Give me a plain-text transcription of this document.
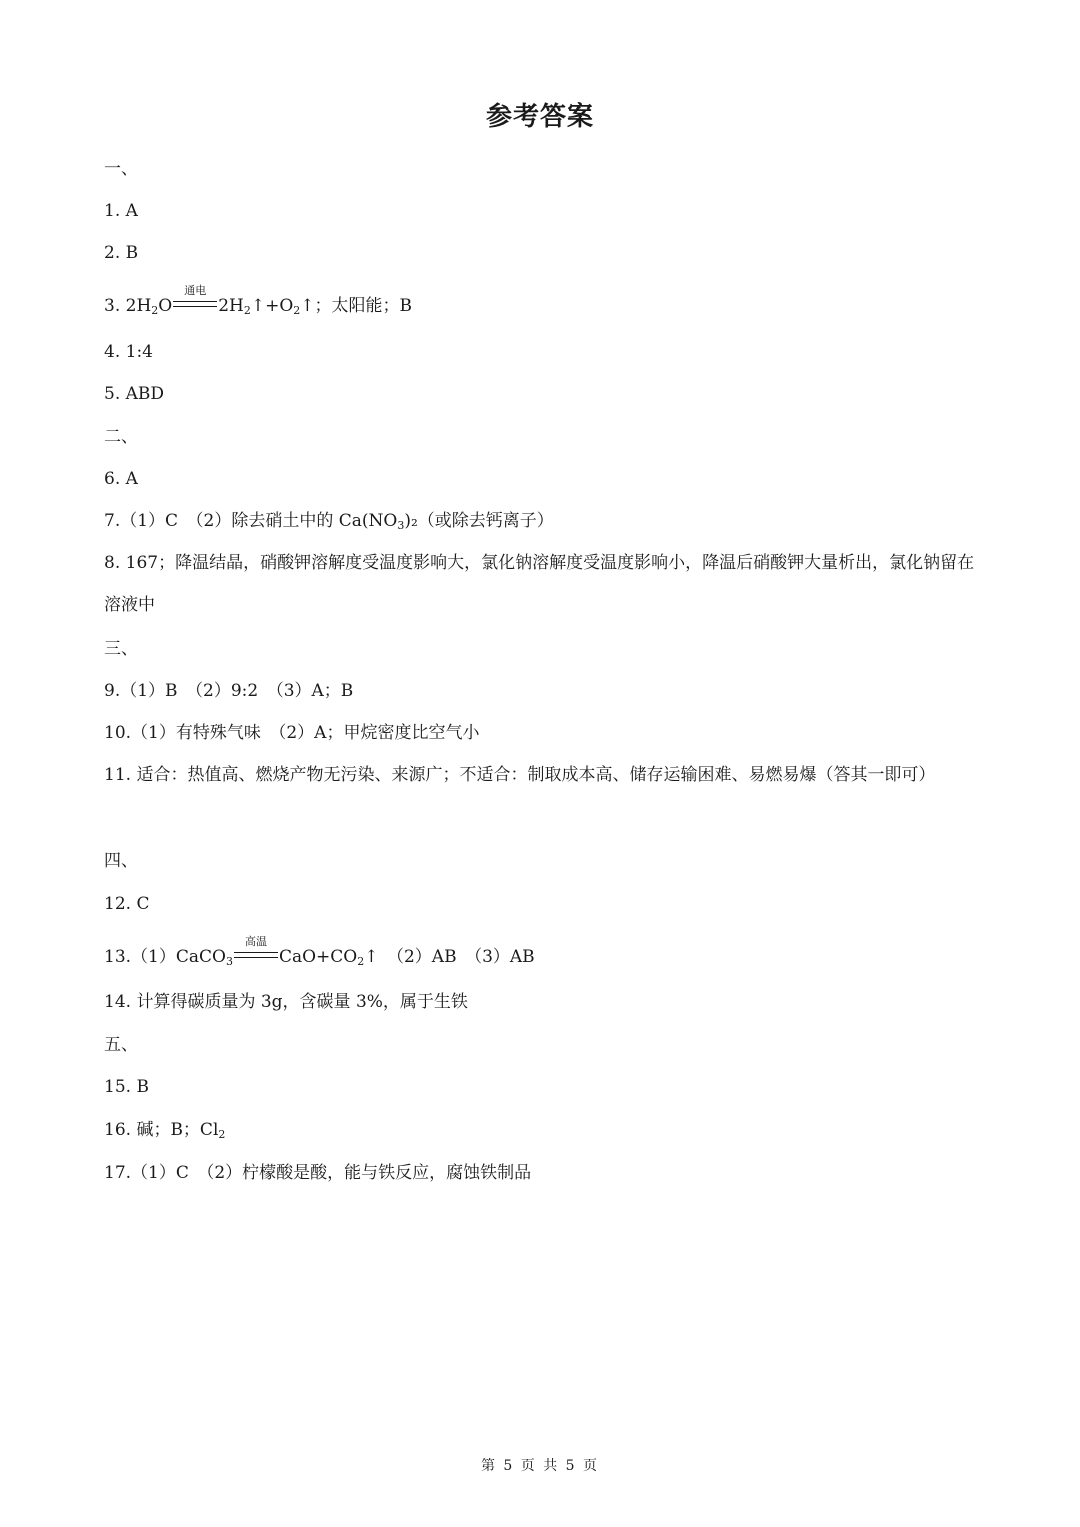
参考答案
一、
1. A
2. B
3. $2H_2O$
通电
$2H_2↑+O_2↑$；太阳能；B
4. 1:4
5. ABD
二、
6. A
7.（1）C　（2）除去硝土中的 $Ca(NO_3)_2$（或除去钙离子）
8. 167；降温结晶，硝酸钾溶解度受温度影响大，氯化钠溶解度受温度影响小，降温后硝酸钾大量析出，氯化钠留在溶液中
三、
9.（1）B　（2）9:2　（3）A；B
10.（1）有特殊气味　（2）A；甲烷密度比空气小
11. 适合：热值高、燃烧产物无污染、来源广；不适合：制取成本高、储存运输困难、易燃易爆（答其一即可）
四、
12. C
13.（1）CaCO$_3$
高温
$CaO+CO_2↑$　（2）AB　（3）AB
14. 计算得碳质量为 3g，含碳量 3%，属于生铁
五、
15. B
16. 碱；B；$Cl_2$
17.（1）C　（2）柠檬酸是酸，能与铁反应，腐蚀铁制品
第 5 页 共 5 页
